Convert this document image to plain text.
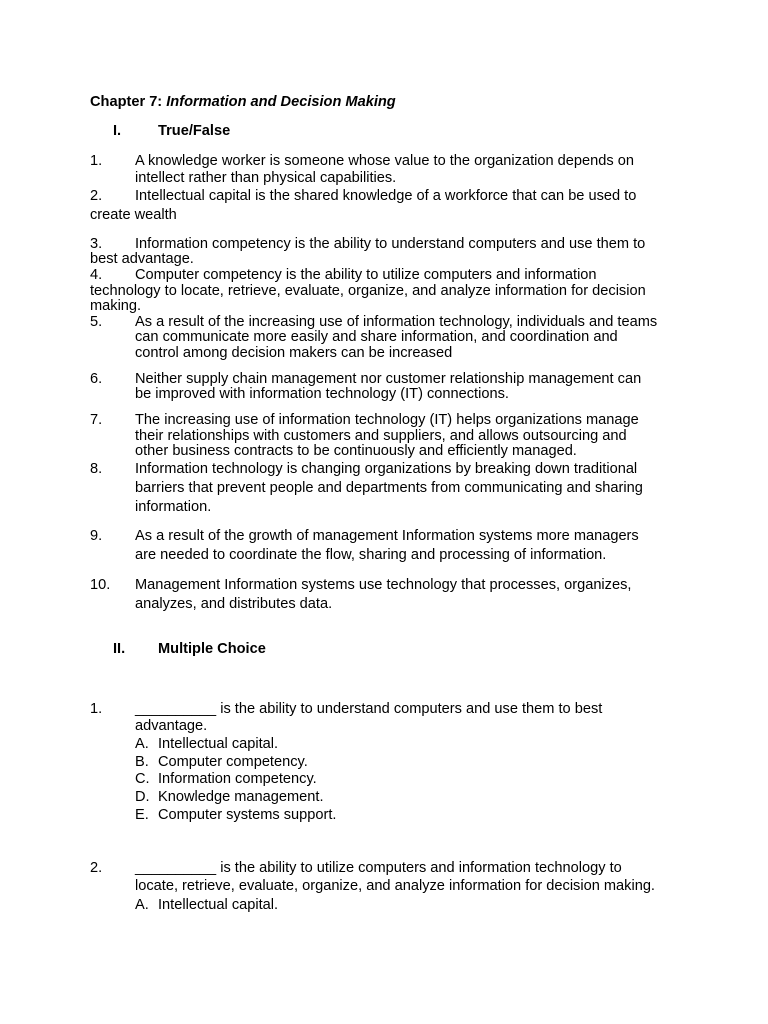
Chapter 7: Information and Decision Making
I.	True/False
1. A knowledge worker is someone whose value to the organization depends on
intellect rather than physical capabilities.
2. Intellectual capital is the shared knowledge of a workforce that can be used to
create wealth
3. Information competency is the ability to understand computers and use them to
best advantage.
4. Computer competency is the ability to utilize computers and information
technology to locate, retrieve, evaluate, organize, and analyze information for decision
making.
5. As a result of the increasing use of information technology, individuals and teams
can communicate more easily and share information, and coordination and
control among decision makers can be increased
6. Neither supply chain management nor customer relationship management can
be improved with information technology (IT) connections.
7. The increasing use of information technology (IT) helps organizations manage
their relationships with customers and suppliers, and allows outsourcing and
other business contracts to be continuously and efficiently managed.
8. Information technology is changing organizations by breaking down traditional
barriers that prevent people and departments from communicating and sharing
information.
9. As a result of the growth of management Information systems more managers
are needed to coordinate the flow, sharing and processing of information.
10. Management Information systems use technology that processes, organizes,
analyzes, and distributes data.
II. Multiple Choice
1. __________ is the ability to understand computers and use them to best
advantage.
A. Intellectual capital.
B. Computer competency.
C. Information competency.
D. Knowledge management.
E. Computer systems support.
2. __________ is the ability to utilize computers and information technology to
locate, retrieve, evaluate, organize, and analyze information for decision making.
A. Intellectual capital.
